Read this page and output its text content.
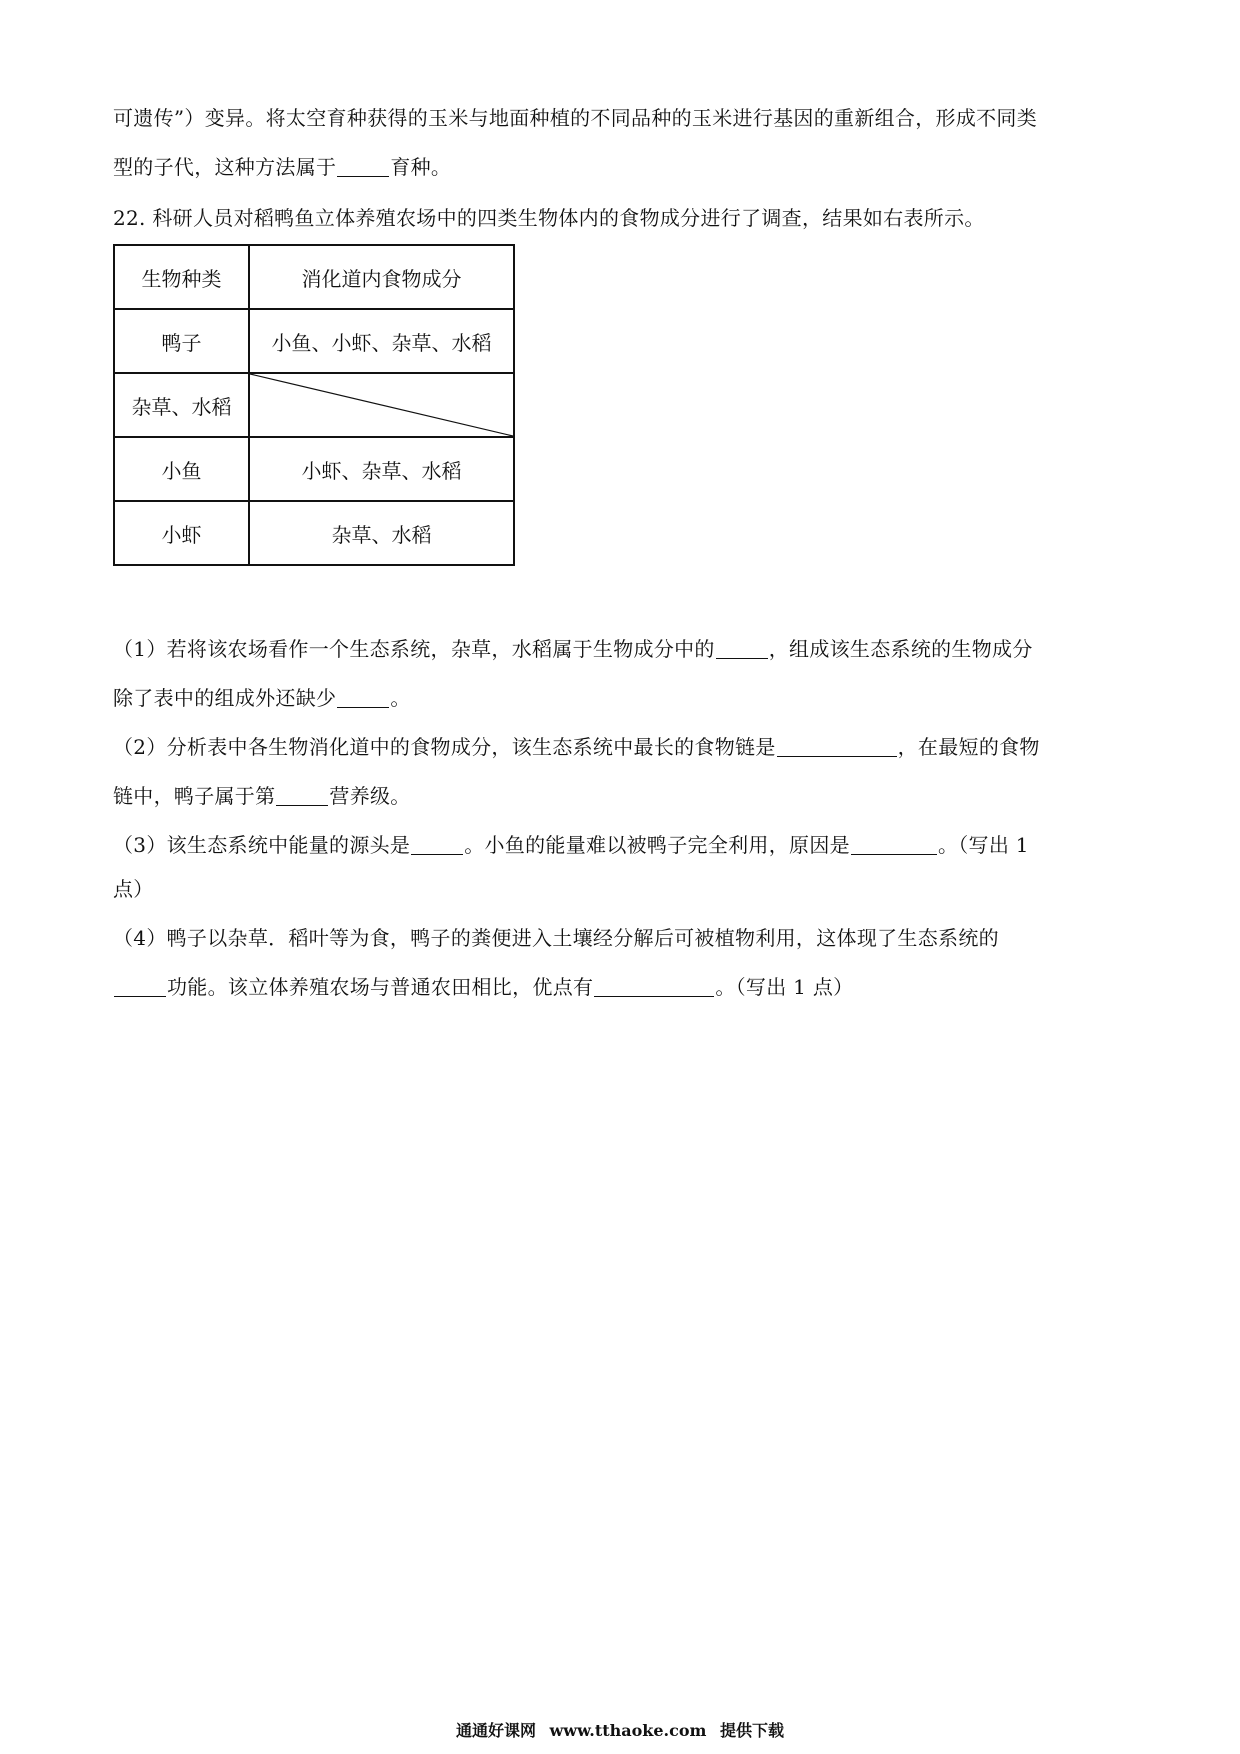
可遗传”）变异。将太空育种获得的玉米与地面种植的不同品种的玉米进行基因的重新组合，形成不同类
型的子代，这种方法属于	育种。
22. 科研人员对稻鸭鱼立体养殖农场中的四类生物体内的食物成分进行了调查，结果如右表所示。
生物种类	消化道内食物成分
鸭子	小鱼、小虾、杂草、水稻
杂草、水稻	

小鱼	小虾、杂草、水稻
小虾	杂草、水稻
（1）若将该农场看作一个生态系统，杂草，水稻属于生物成分中的	，组成该生态系统的生物成分
除了表中的组成外还缺少	。
（2）分析表中各生物消化道中的食物成分，该生态系统中最长的食物链是	，在最短的食物
链中，鸭子属于第	营养级。
（3）该生态系统中能量的源头是	。小鱼的能量难以被鸭子完全利用，原因是	。（写出 1
点）
（4）鸭子以杂草．稻叶等为食，鸭子的粪便进入土壤经分解后可被植物利用，这体现了生态系统的
功能。该立体养殖农场与普通农田相比，优点有	。（写出 1 点）
通通好课网 www.tthaoke.com 提供下载
